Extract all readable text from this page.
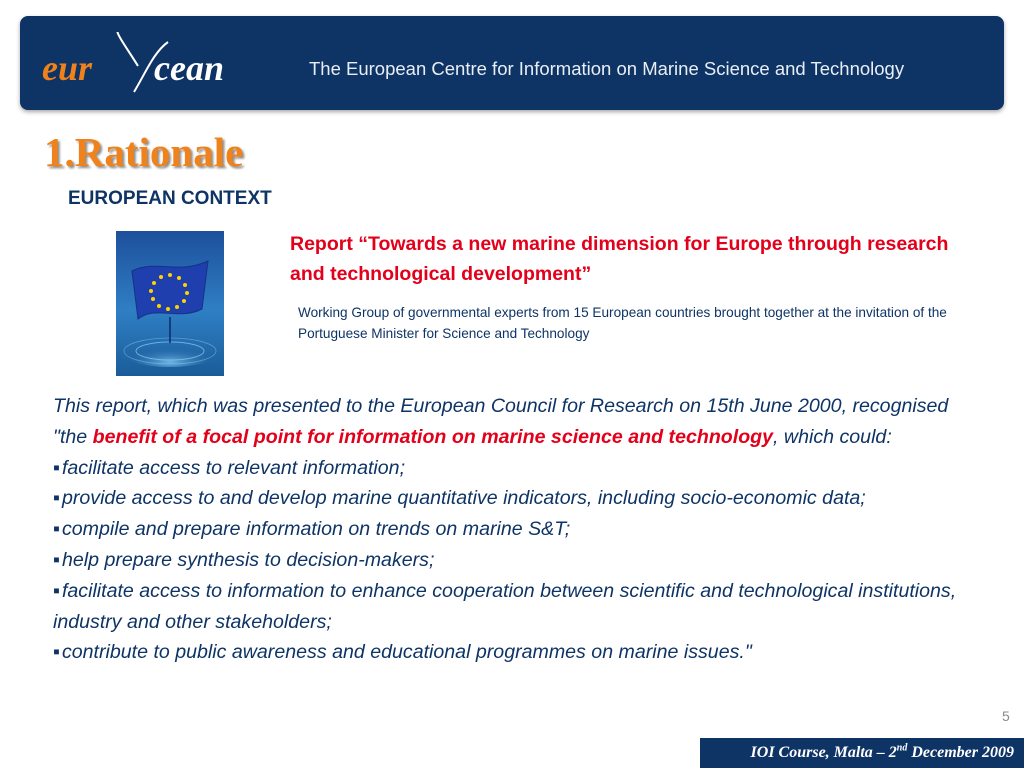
eur cean	The European Centre for Information on Marine Science and Technology
1.Rationale
EUROPEAN CONTEXT
Report “Towards a new marine dimension for Europe through research and technological development”
Working Group of governmental experts from 15 European countries brought together at the invitation of the Portuguese Minister for Science and Technology

This report, which was presented to the European Council for Research on 15th June 2000, recognised "the benefit of a focal point for information on marine science and technology, which could:

▪ facilitate access to relevant information;

▪ provide access to and develop marine quantitative indicators, including socio-economic data;

▪ compile and prepare information on trends on marine S&T;

▪ help prepare synthesis to decision-makers;

▪ facilitate access to information to enhance cooperation between scientific and technological institutions, industry and other stakeholders;

▪ contribute to public awareness and educational programmes on marine issues."

5
IOI Course, Malta – 2nd December 2009
